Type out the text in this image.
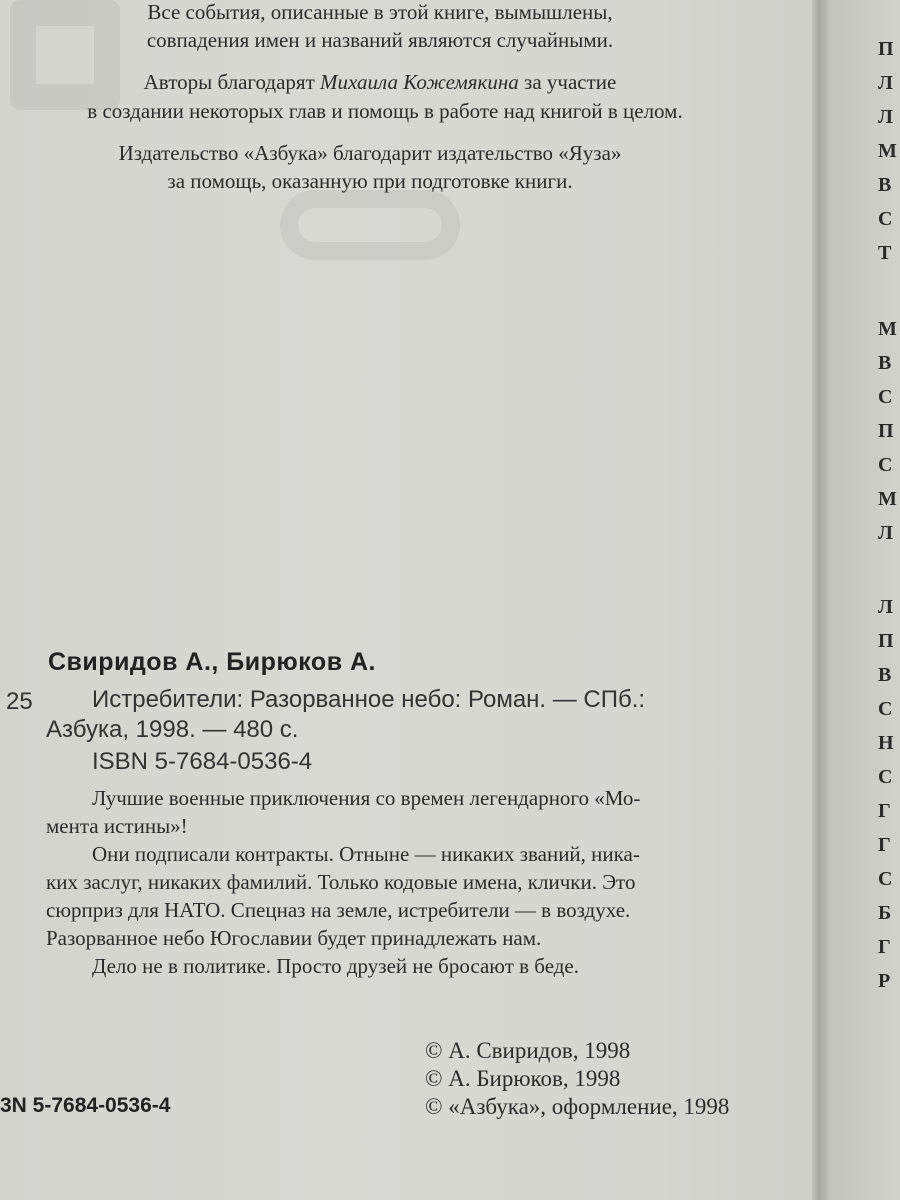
Все события, описанные в этой книге, вымышлены,
совпадения имен и названий являются случайными.
Авторы благодарят Михаила Кожемякина за участие
в создании некоторых глав и помощь в работе над книгой в целом.
Издательство «Азбука» благодарит издательство «Яуза»
за помощь, оказанную при подготовке книги.
Свиридов А., Бирюков А.
25 Истребители: Разорванное небо: Роман. — СПб.:
Азбука, 1998. — 480 с.
ISBN 5-7684-0536-4
Лучшие военные приключения со времен легендарного «Мо-
мента истины»!
Они подписали контракты. Отныне — никаких званий, ника-
ких заслуг, никаких фамилий. Только кодовые имена, клички. Это
сюрприз для НАТО. Спецназ на земле, истребители — в воздухе.
Разорванное небо Югославии будет принадлежать нам.
Дело не в политике. Просто друзей не бросают в беде.
3N 5-7684-0536-4
© А. Свиридов, 1998
© А. Бирюков, 1998
© «Азбука», оформление, 1998
П
Л
Л
М
В
С
Т
М
В
С
П
С
М
Л
Л
П
В
С
Н
С
Г
Г
С
Б
Г
Р
